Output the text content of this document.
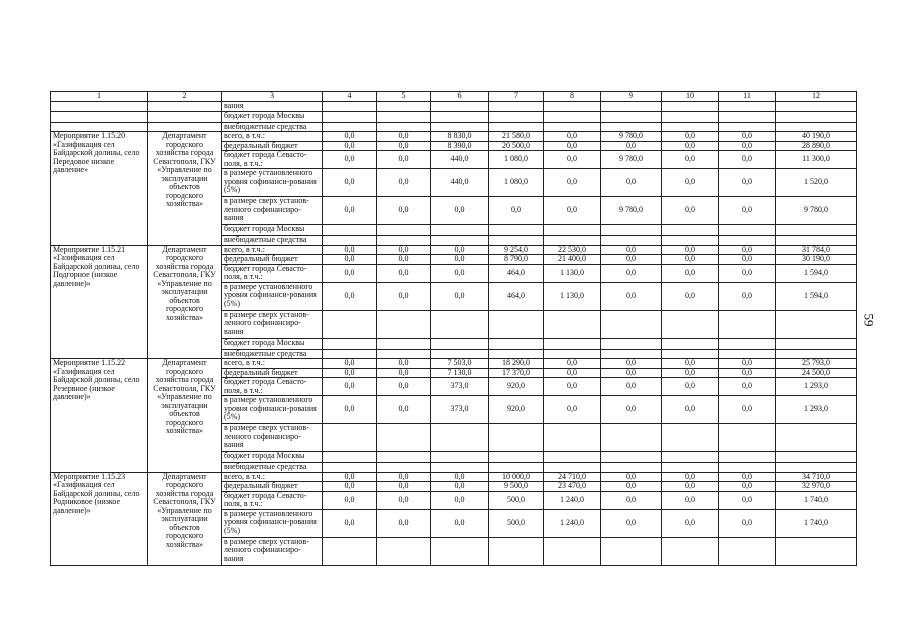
1	2	3	4	5	6	7	8	9	10	11	12
		вания									
		бюджет города Москвы									
		внебюджетные средства									
Мероприятие 1.15.20 «Газификация сел Байдарской долины, село Передовое низкое давление»	Департамент городского хозяйства города Севастополя, ГКУ «Управление по эксплуатации объектов городского хозяйства»	всего, в т.ч.:	0,0	0,0	8 830,0	21 580,0	0,0	9 780,0	0,0	0,0	40 190,0
		федеральный бюджет	0,0	0,0	8 390,0	20 500,0	0,0	0,0	0,0	0,0	28 890,0
		бюджет города Севасто-поля, в т.ч.:	0,0	0,0	440,0	1 080,0	0,0	9 780,0	0,0	0,0	11 300,0
		в размере установленного уровня софинанси-рования (5%)	0,0	0,0	440,0	1 080,0	0,0	0,0	0,0	0,0	1 520,0
		в размере сверх установ-ленного софинансиро-вания	0,0	0,0	0,0	0,0	0,0	9 780,0	0,0	0,0	9 780,0
		бюджет города Москвы									
		внебюджетные средства									
Мероприятие 1.15.21 «Газификация сел Байдарской долины, село Подгорное (низкое давление)»	Департамент городского хозяйства города Севастополя, ГКУ «Управление по эксплуатации объектов городского хозяйства»	всего, в т.ч.:	0,0	0,0	0,0	9 254,0	22 530,0	0,0	0,0	0,0	31 784,0
		федеральный бюджет	0,0	0,0	0,0	8 790,0	21 400,0	0,0	0,0	0,0	30 190,0
		бюджет города Севасто-поля, в т.ч.:	0,0	0,0	0,0	464,0	1 130,0	0,0	0,0	0,0	1 594,0
		в размере установленного уровня софинанси-рования (5%)	0,0	0,0	0,0	464,0	1 130,0	0,0	0,0	0,0	1 594,0
		в размере сверх установ-ленного софинансиро-вания									
		бюджет города Москвы									
		внебюджетные средства									
Мероприятие 1.15.22 «Газификация сел Байдарской долины, село Резервное (низкое давление)»	Департамент городского хозяйства города Севастополя, ГКУ «Управление по эксплуатации объектов городского хозяйства»	всего, в т.ч.:	0,0	0,0	7 503,0	18 290,0	0,0	0,0	0,0	0,0	25 793,0
		федеральный бюджет	0,0	0,0	7 130,0	17 370,0	0,0	0,0	0,0	0,0	24 500,0
		бюджет города Севасто-поля, в т.ч.:	0,0	0,0	373,0	920,0	0,0	0,0	0,0	0,0	1 293,0
		в размере установленного уровня софинанси-рования (5%)	0,0	0,0	373,0	920,0	0,0	0,0	0,0	0,0	1 293,0
		в размере сверх установ-ленного софинансиро-вания									
		бюджет города Москвы									
		внебюджетные средства									
Мероприятие 1.15.23 «Газификация сел Байдарской долины, село Родниковое (низкое давление)»	Департамент городского хозяйства города Севастополя, ГКУ «Управление по эксплуатации объектов городского хозяйства»	всего, в т.ч.:	0,0	0,0	0,0	10 000,0	24 710,0	0,0	0,0	0,0	34 710,0
		федеральный бюджет	0,0	0,0	0,0	9 500,0	23 470,0	0,0	0,0	0,0	32 970,0
		бюджет города Севасто-поля, в т.ч.:	0,0	0,0	0,0	500,0	1 240,0	0,0	0,0	0,0	1 740,0
		в размере установленного уровня софинанси-рования (5%)	0,0	0,0	0,0	500,0	1 240,0	0,0	0,0	0,0	1 740,0
		в размере сверх установ-ленного софинансиро-вания									
59
